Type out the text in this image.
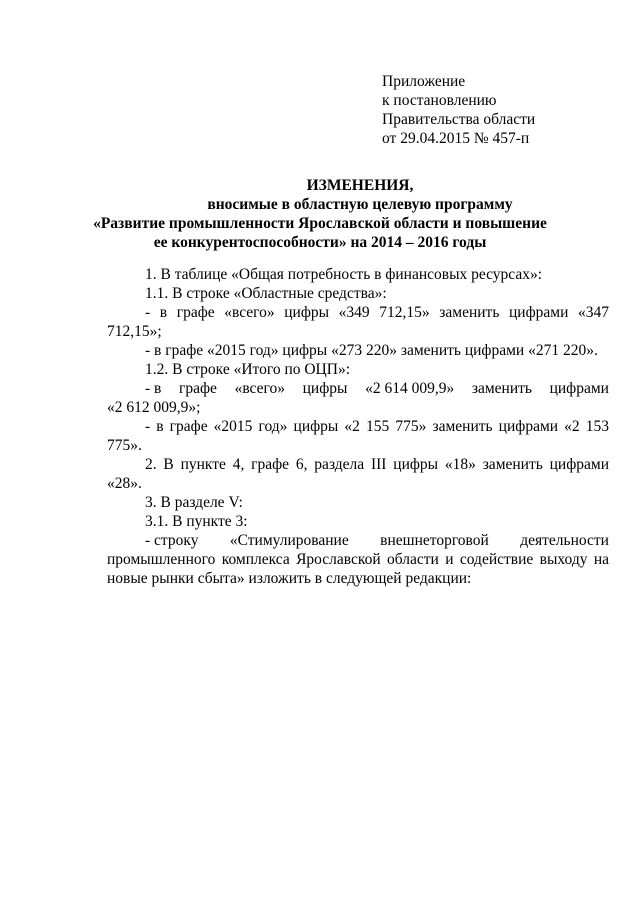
Приложение
к постановлению
Правительства области
от 29.04.2015 № 457-п
ИЗМЕНЕНИЯ,
вносимые в областную целевую программу
«Развитие промышленности Ярославской области и повышение
ее конкурентоспособности» на 2014 – 2016 годы

1. В таблице «Общая потребность в финансовых ресурсах»:

1.1. В строке «Областные средства»:

- в графе «всего» цифры «349 712,15» заменить цифрами «347 712,15»;

- в графе «2015 год» цифры «273 220» заменить цифрами «271 220».

1.2. В строке «Итого по ОЦП»:

- в графе «всего» цифры «2 614 009,9» заменить цифрами

«2 612 009,9»;

- в графе «2015 год» цифры «2 155 775» заменить цифрами «2 153 775».

2. В пункте 4, графе 6, раздела III цифры «18» заменить цифрами «28».

3. В разделе V:

3.1. В пункте 3:

- строку «Стимулирование внешнеторговой деятельности

промышленного комплекса Ярославской области и содействие выходу на

новые рынки сбыта» изложить в следующей редакции:
